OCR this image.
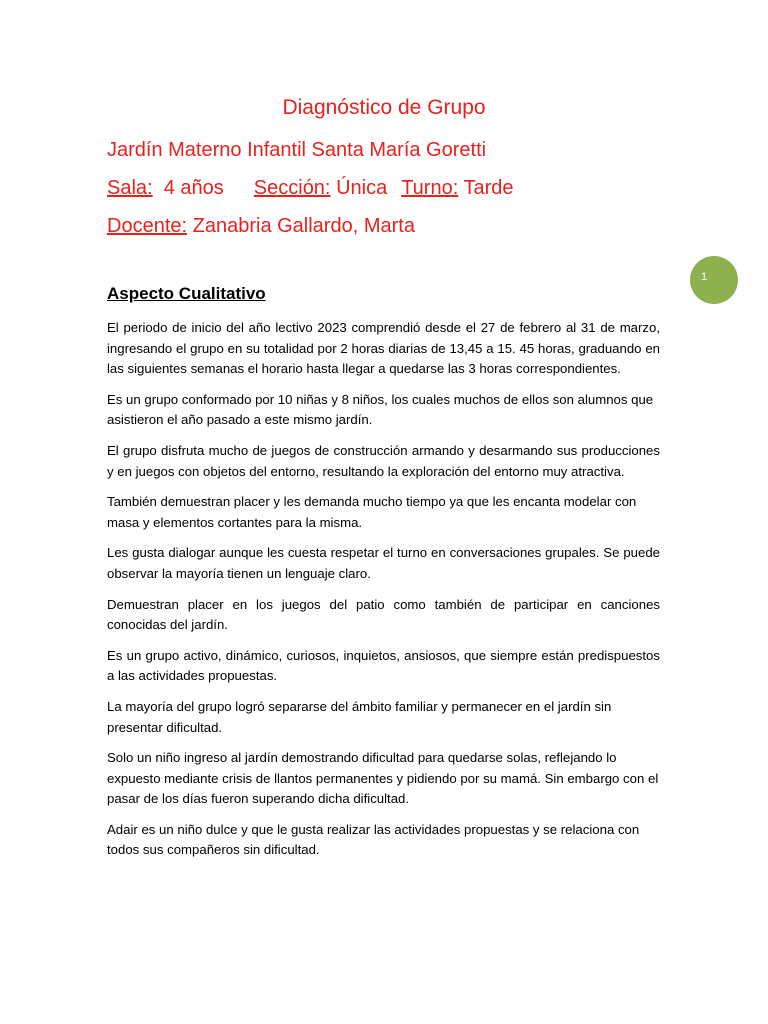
Diagnóstico de Grupo
Jardín Materno Infantil Santa María Goretti
Sala: 4 años Sección: Única Turno: Tarde
Docente: Zanabria Gallardo, Marta
1
Aspecto Cualitativo

El periodo de inicio del año lectivo 2023 comprendió desde el 27 de febrero al 31 de marzo, ingresando el grupo en su totalidad por 2 horas diarias de 13,45 a 15. 45 horas, graduando en las siguientes semanas el horario hasta llegar a quedarse las 3 horas correspondientes.

Es un grupo conformado por 10 niñas y 8 niños, los cuales muchos de ellos son alumnos que asistieron el año pasado a este mismo jardín.

El grupo disfruta mucho de juegos de construcción armando y desarmando sus producciones y en juegos con objetos del entorno, resultando la exploración del entorno muy atractiva.

También demuestran placer y les demanda mucho tiempo ya que les encanta modelar con masa y elementos cortantes para la misma.

Les gusta dialogar aunque les cuesta respetar el turno en conversaciones grupales. Se puede observar la mayoría tienen un lenguaje claro.

Demuestran placer en los juegos del patio como también de participar en canciones conocidas del jardín.

Es un grupo activo, dinámico, curiosos, inquietos, ansiosos, que siempre están predispuestos a las actividades propuestas.

La mayoría del grupo logró separarse del ámbito familiar y permanecer en el jardín sin presentar dificultad.

Solo un niño ingreso al jardín demostrando dificultad para quedarse solas, reflejando lo expuesto mediante crisis de llantos permanentes y pidiendo por su mamá. Sin embargo con el pasar de los días fueron superando dicha dificultad.

Adair es un niño dulce y que le gusta realizar las actividades propuestas y se relaciona con todos sus compañeros sin dificultad.
